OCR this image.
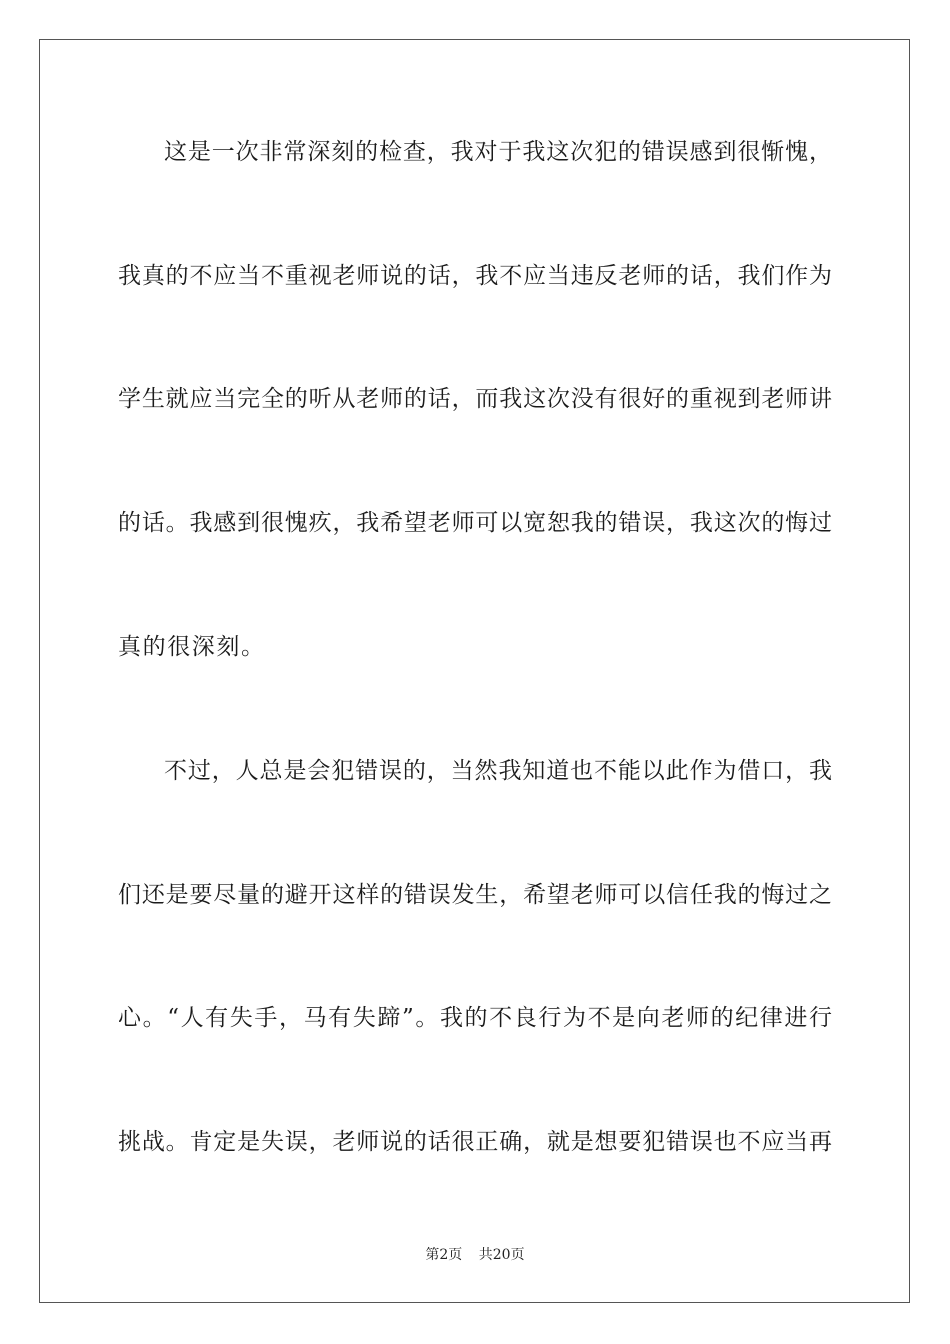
这是一次非常深刻的检查，我对于我这次犯的错误感到很惭愧，
我真的不应当不重视老师说的话，我不应当违反老师的话，我们作为
学生就应当完全的听从老师的话，而我这次没有很好的重视到老师讲
的话。我感到很愧疚，我希望老师可以宽恕我的错误，我这次的悔过
真的很深刻。
不过，人总是会犯错误的，当然我知道也不能以此作为借口，我
们还是要尽量的避开这样的错误发生，希望老师可以信任我的悔过之
心。“人有失手，马有失蹄”。我的不良行为不是向老师的纪律进行
挑战。肯定是失误，老师说的话很正确，就是想要犯错误也不应当再
第2页 共20页
